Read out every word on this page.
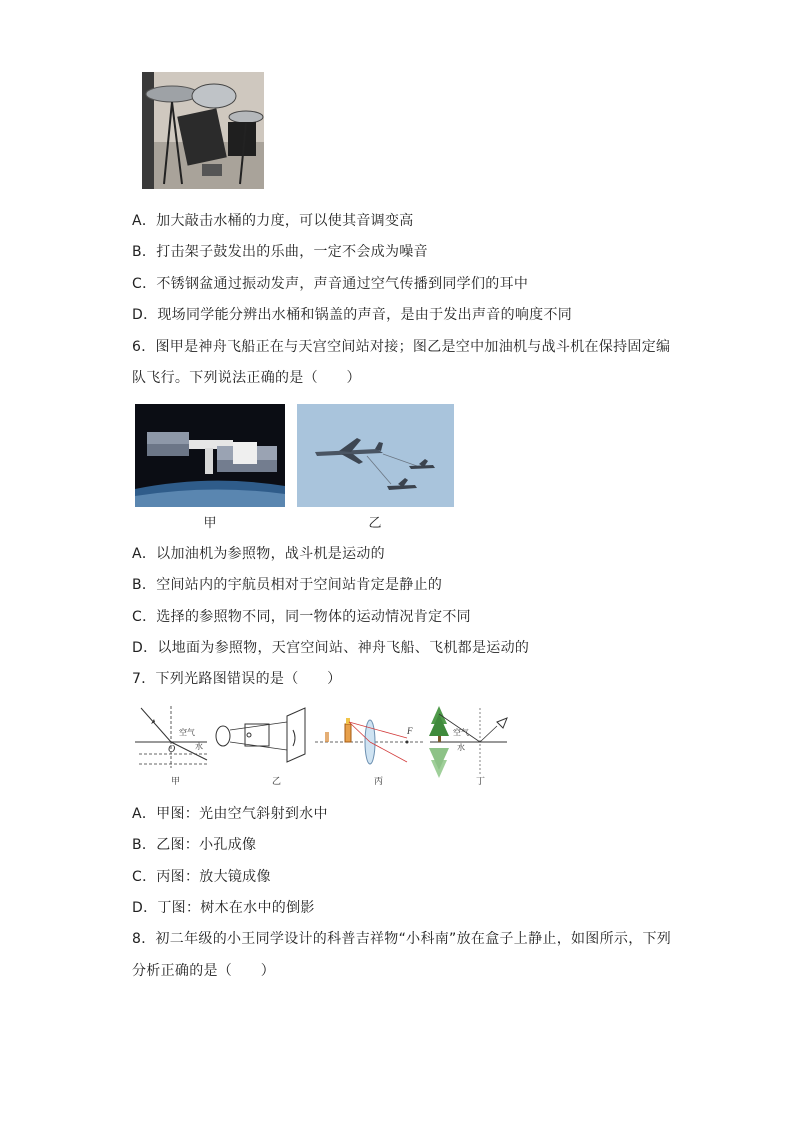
A．加大敲击水桶的力度，可以使其音调变高
B．打击架子鼓发出的乐曲，一定不会成为噪音
C．不锈钢盆通过振动发声，声音通过空气传播到同学们的耳中
D．现场同学能分辨出水桶和锅盖的声音，是由于发出声音的响度不同
6．图甲是神舟飞船正在与天宫空间站对接；图乙是空中加油机与战斗机在保持固定编
队飞行。下列说法正确的是（　　）
甲	乙
A．以加油机为参照物，战斗机是运动的
B．空间站内的宇航员相对于空间站肯定是静止的
C．选择的参照物不同，同一物体的运动情况肯定不同
D．以地面为参照物，天宫空间站、神舟飞船、飞机都是运动的
7．下列光路图错误的是（　　）
O
空气
水
F	空气
水
甲	乙	丙	丁
A．甲图：光由空气斜射到水中
B．乙图：小孔成像
C．丙图：放大镜成像
D．丁图：树木在水中的倒影
8．初二年级的小王同学设计的科普吉祥物“小科南”放在盒子上静止，如图所示，下列
分析正确的是（　　）
